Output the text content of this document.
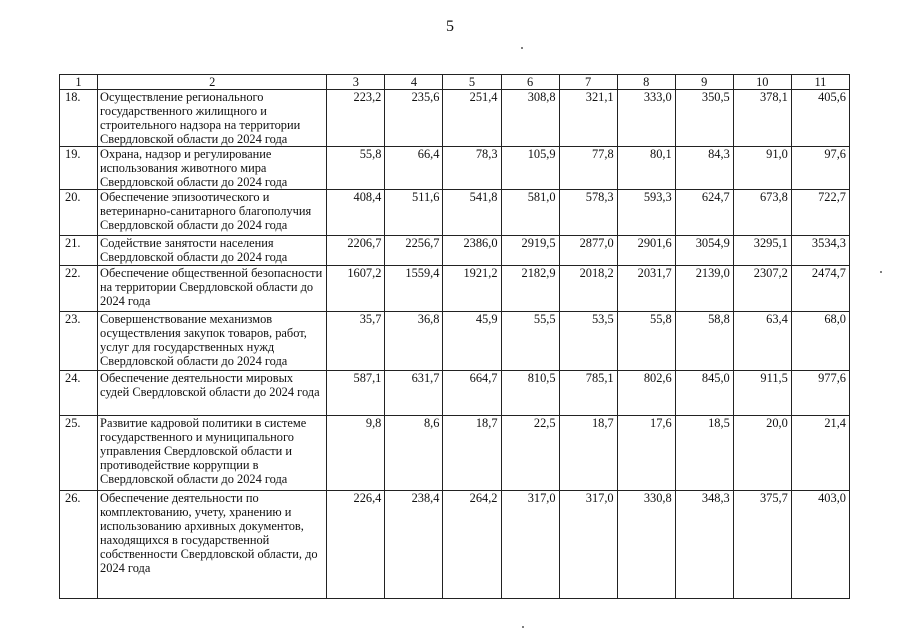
5
1	2	3	4	5	6	7	8	9	10	11
18.	Осуществление регионального государственного жилищного и строительного надзора на территории Свердловской области до 2024 года	223,2	235,6	251,4	308,8	321,1	333,0	350,5	378,1	405,6
19.	Охрана, надзор и регулирование использования животного мира Свердловской области до 2024 года	55,8	66,4	78,3	105,9	77,8	80,1	84,3	91,0	97,6
20.	Обеспечение эпизоотического и ветеринарно-санитарного благополучия Свердловской области до 2024 года	408,4	511,6	541,8	581,0	578,3	593,3	624,7	673,8	722,7
21.	Содействие занятости населения Свердловской области до 2024 года	2206,7	2256,7	2386,0	2919,5	2877,0	2901,6	3054,9	3295,1	3534,3
22.	Обеспечение общественной безопасности на территории Свердловской области до 2024 года	1607,2	1559,4	1921,2	2182,9	2018,2	2031,7	2139,0	2307,2	2474,7
23.	Совершенствование механизмов осуществления закупок товаров, работ, услуг для государственных нужд Свердловской области до 2024 года	35,7	36,8	45,9	55,5	53,5	55,8	58,8	63,4	68,0
24.	Обеспечение деятельности мировых судей Свердловской области до 2024 года	587,1	631,7	664,7	810,5	785,1	802,6	845,0	911,5	977,6
25.	Развитие кадровой политики в системе государственного и муниципального управления Свердловской области и противодействие коррупции в Свердловской области до 2024 года	9,8	8,6	18,7	22,5	18,7	17,6	18,5	20,0	21,4
26.	Обеспечение деятельности по комплектованию, учету, хранению и использованию архивных документов, находящихся в государственной собственности Свердловской области, до 2024 года	226,4	238,4	264,2	317,0	317,0	330,8	348,3	375,7	403,0
